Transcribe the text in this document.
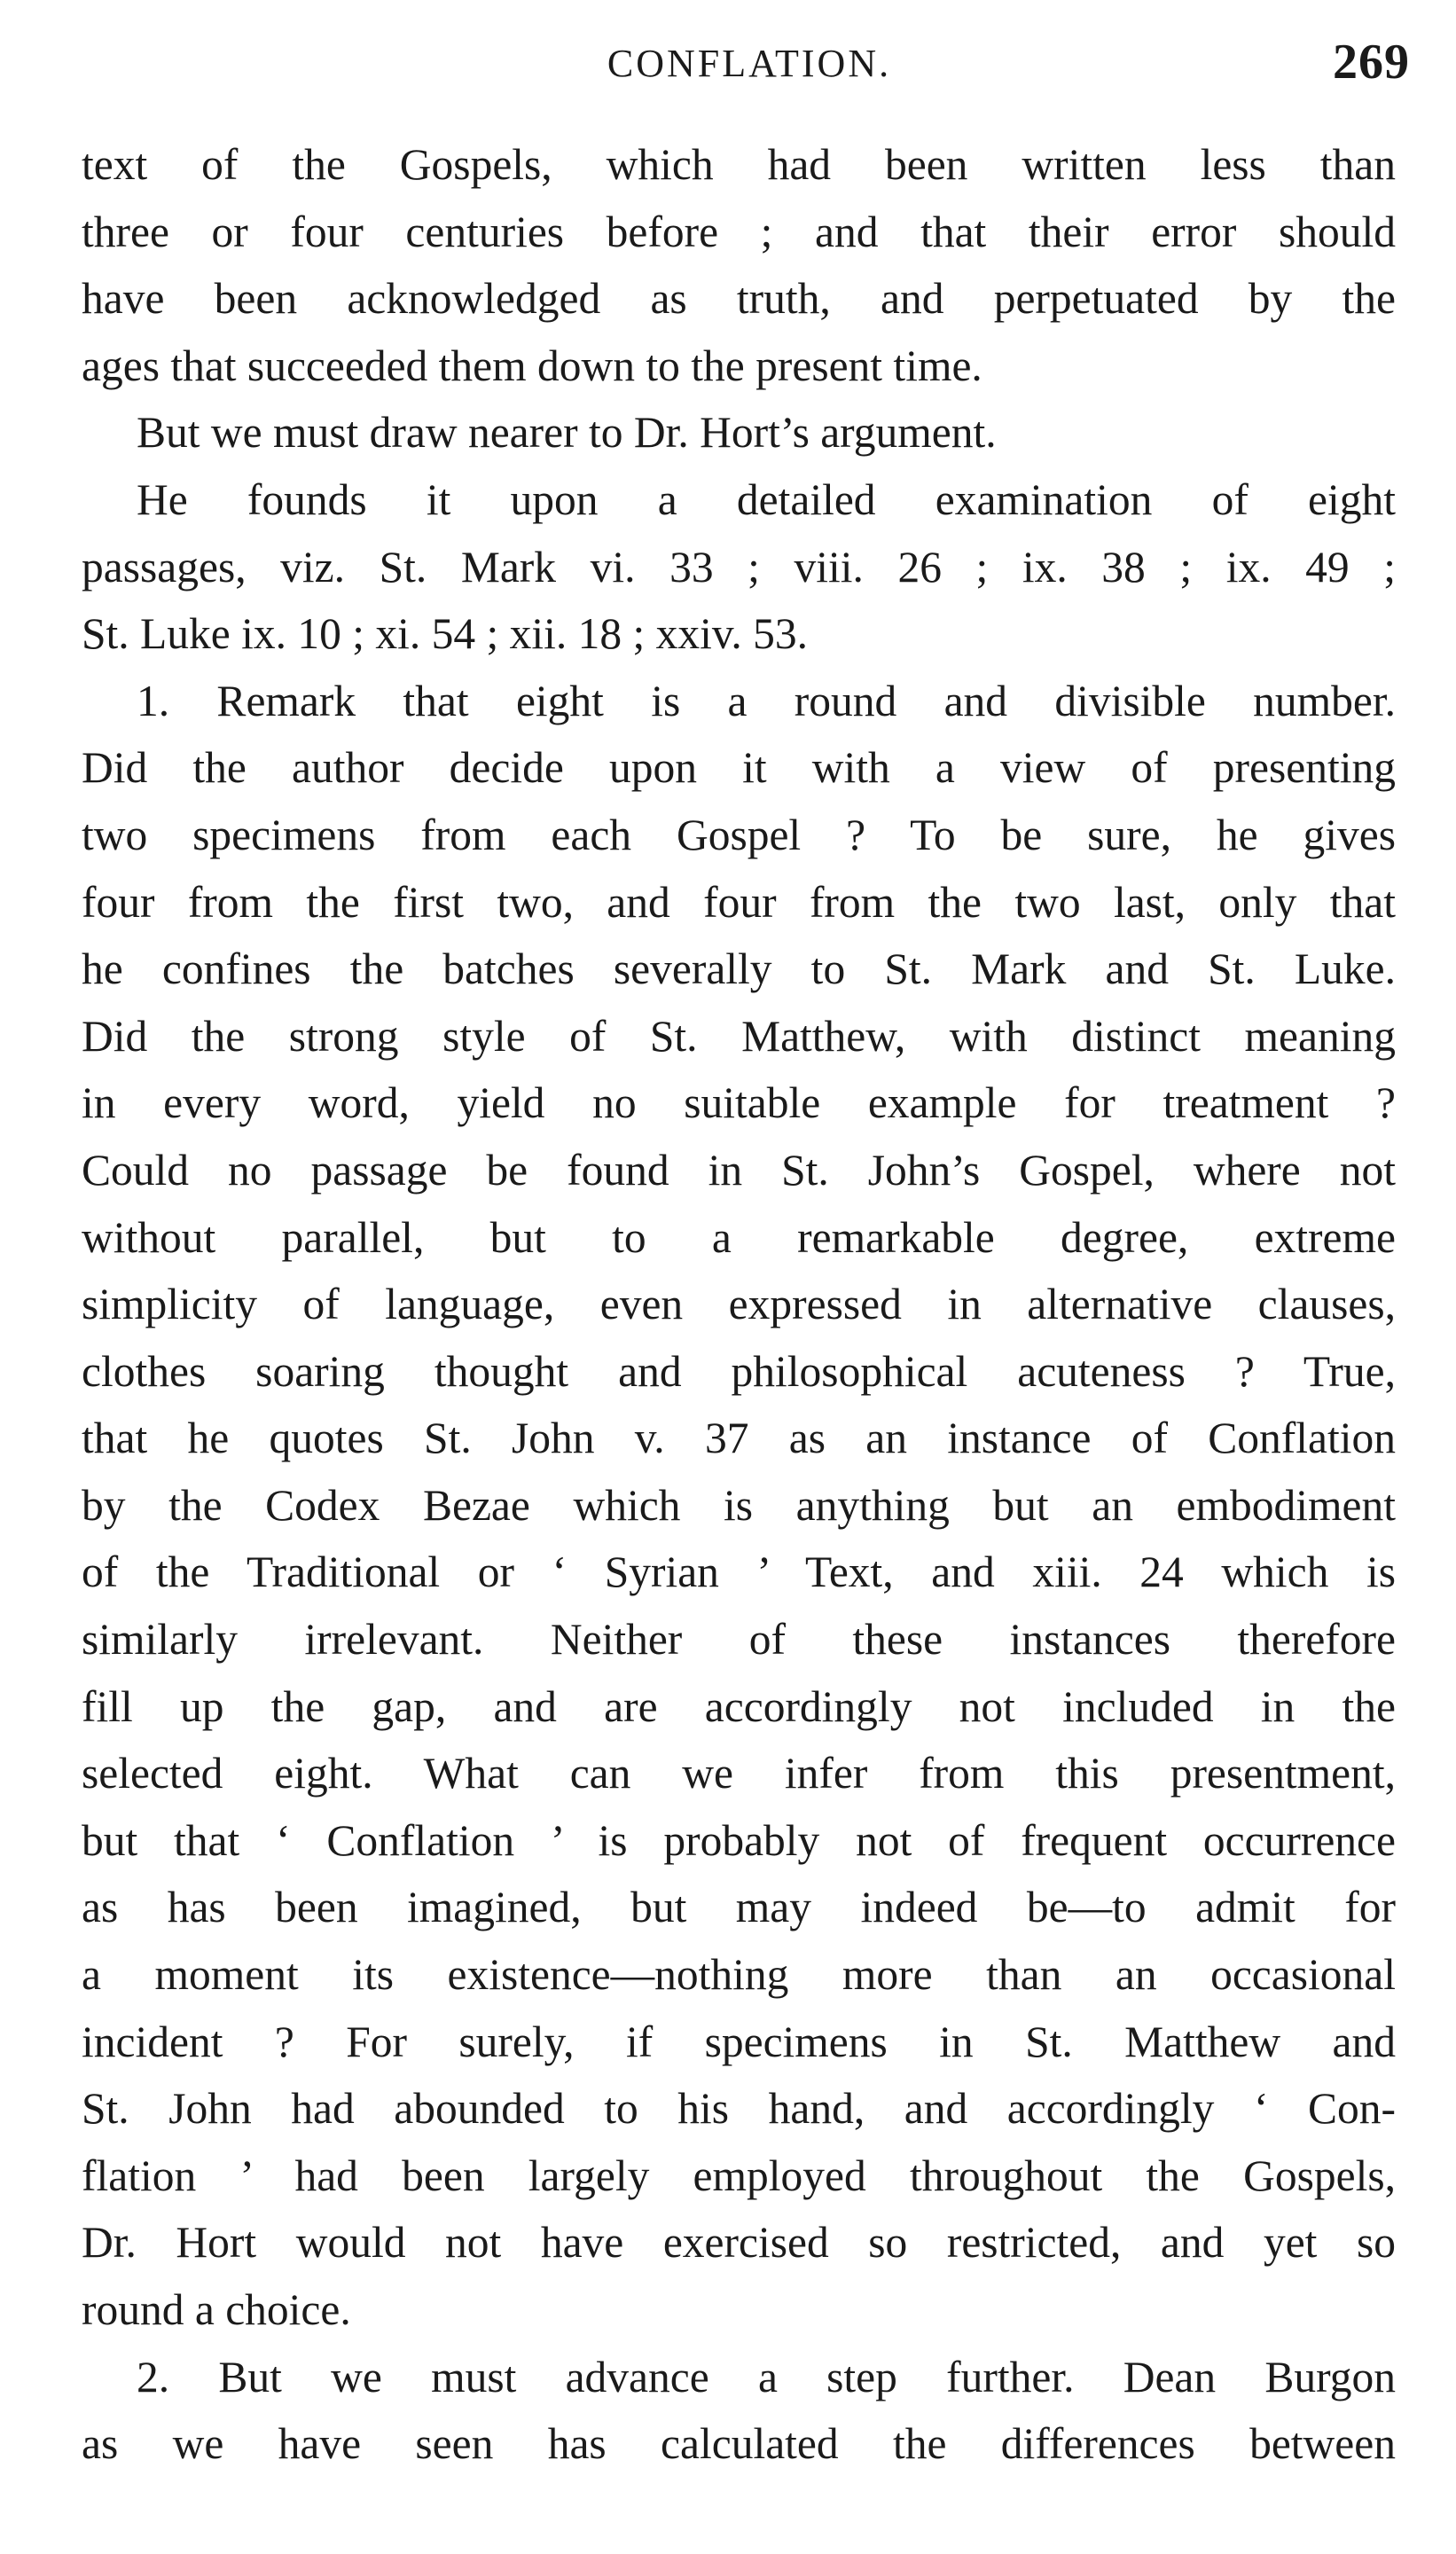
CONFLATION.	269
text of the Gospels, which had been written less than
three or four centuries before ; and that their error should
have been acknowledged as truth, and perpetuated by the
ages that succeeded them down to the present time.
But we must draw nearer to Dr. Hort’s argument.
He founds it upon a detailed examination of eight
passages, viz. St. Mark vi. 33 ; viii. 26 ; ix. 38 ; ix. 49 ;
St. Luke ix. 10 ; xi. 54 ; xii. 18 ; xxiv. 53.
1. Remark that eight is a round and divisible number.
Did the author decide upon it with a view of presenting
two specimens from each Gospel ? To be sure, he gives
four from the first two, and four from the two last, only that
he confines the batches severally to St. Mark and St. Luke.
Did the strong style of St. Matthew, with distinct meaning
in every word, yield no suitable example for treatment ?
Could no passage be found in St. John’s Gospel, where not
without parallel, but to a remarkable degree, extreme
simplicity of language, even expressed in alternative clauses,
clothes soaring thought and philosophical acuteness ? True,
that he quotes St. John v. 37 as an instance of Conflation
by the Codex Bezae which is anything but an embodiment
of the Traditional or ‘ Syrian ’ Text, and xiii. 24 which is
similarly irrelevant. Neither of these instances therefore
fill up the gap, and are accordingly not included in the
selected eight. What can we infer from this presentment,
but that ‘ Conflation ’ is probably not of frequent occurrence
as has been imagined, but may indeed be—to admit for
a moment its existence—nothing more than an occasional
incident ? For surely, if specimens in St. Matthew and
St. John had abounded to his hand, and accordingly ‘ Con-
flation ’ had been largely employed throughout the Gospels,
Dr. Hort would not have exercised so restricted, and yet so
round a choice.
2. But we must advance a step further. Dean Burgon
as we have seen has calculated the differences between
